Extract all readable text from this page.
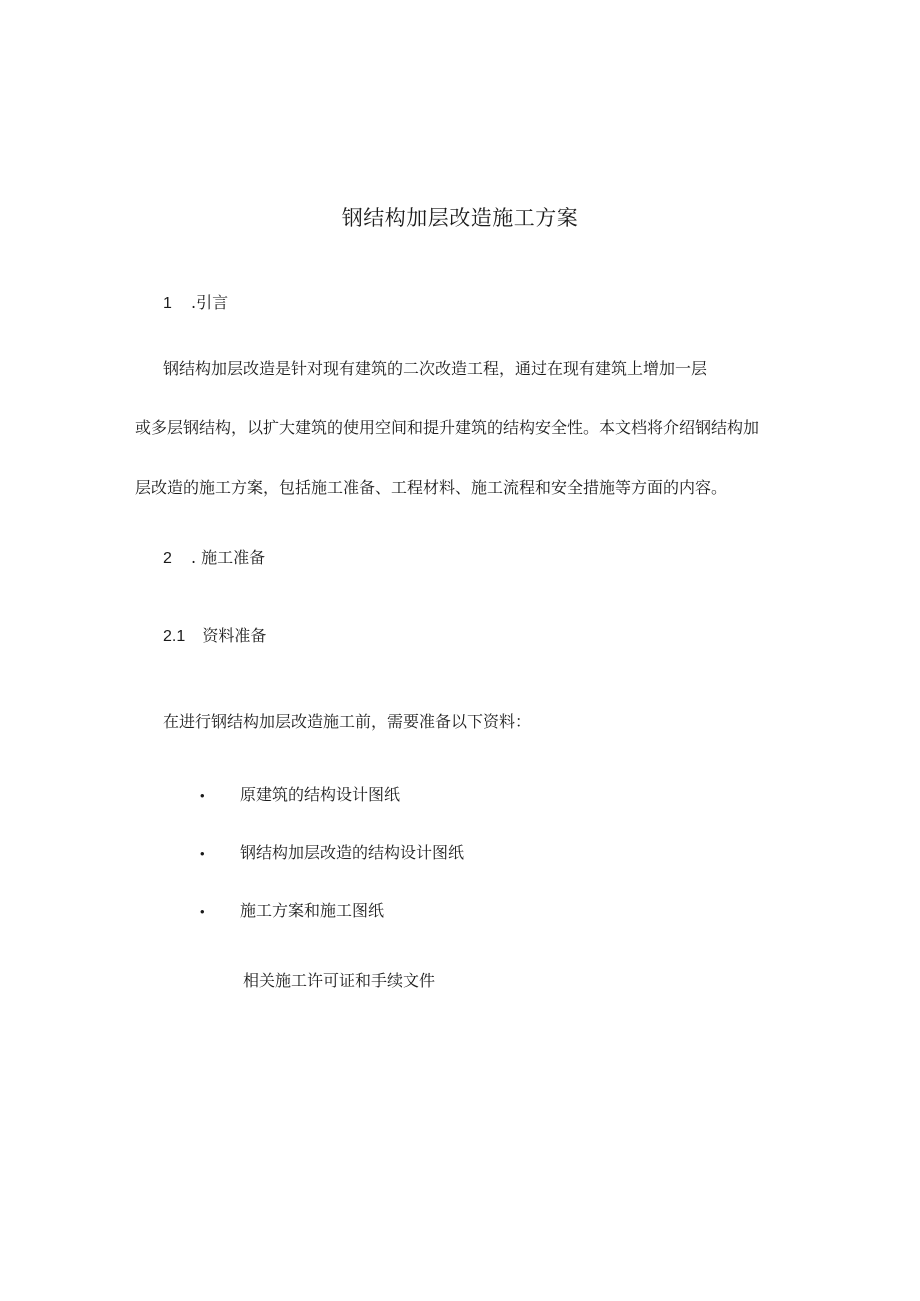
钢结构加层改造施工方案
1 .引言
钢结构加层改造是针对现有建筑的二次改造工程，通过在现有建筑上增加一层
或多层钢结构，以扩大建筑的使用空间和提升建筑的结构安全性。本文档将介绍钢结构加
层改造的施工方案，包括施工准备、工程材料、施工流程和安全措施等方面的内容。
2 . 施工准备
2.1 资料准备
在进行钢结构加层改造施工前，需要准备以下资料：
• 原建筑的结构设计图纸
• 钢结构加层改造的结构设计图纸
• 施工方案和施工图纸
相关施工许可证和手续文件
